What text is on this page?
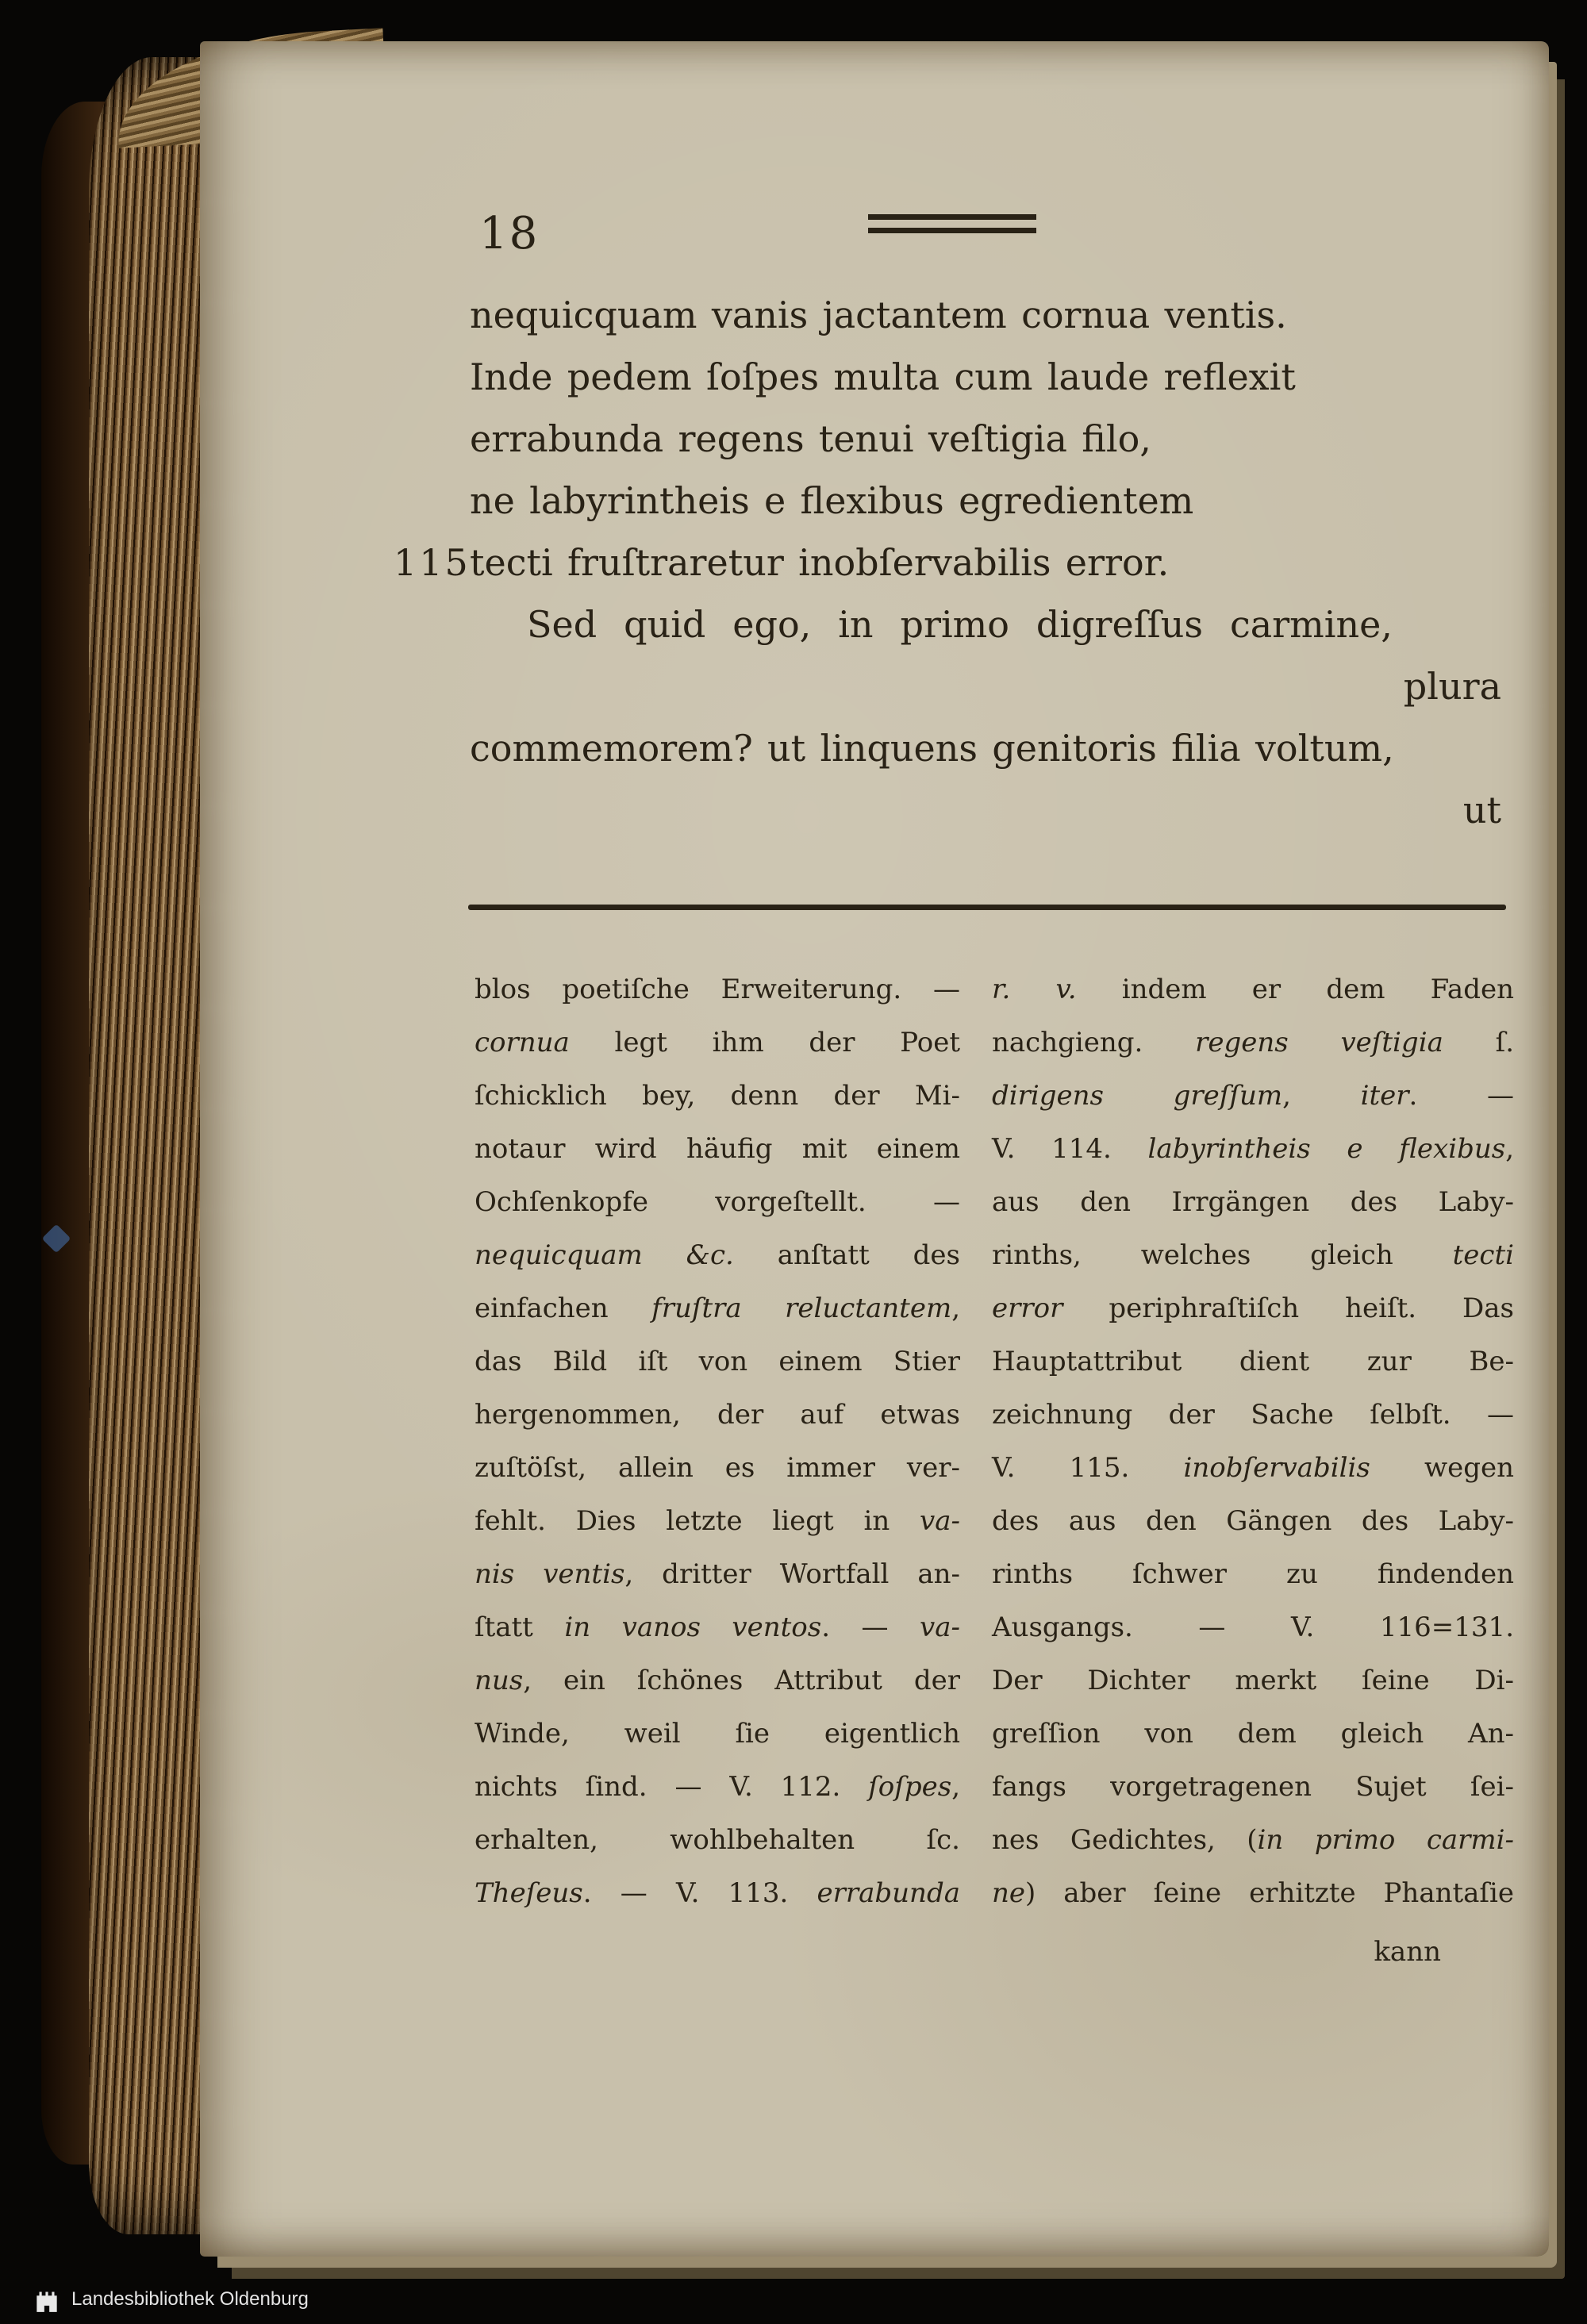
18
nequicquam vanis jactantem cornua ventis.
Inde pedem ſoſpes multa cum laude reflexit
errabunda regens tenui veſtigia filo,
ne labyrintheis e flexibus egredientem
115 tecti fruſtraretur inobſervabilis error.
Sed quid ego, in primo digreſſus carmine,
plura
commemorem? ut linquens genitoris filia voltum,
ut
blos poetiſche Erweiterung. —
cornua legt ihm der Poet
ſchicklich bey, denn der Mi-
notaur wird häufig mit einem
Ochſenkopfe vorgeſtellt. —
nequicquam &c. anſtatt des
einfachen fruſtra reluctantem,
das Bild iſt von einem Stier
hergenommen, der auf etwas
zuſtöſst, allein es immer ver-
fehlt. Dies letzte liegt in va-
nis ventis, dritter Wortfall an-
ſtatt in vanos ventos. — va-
nus, ein ſchönes Attribut der
Winde, weil ſie eigentlich
nichts ſind. — V. 112. ſoſpes,
erhalten, wohlbehalten ſc.
Theſeus. — V. 113. errabunda
r. v. indem er dem Faden
nachgieng. regens veſtigia ſ.
dirigens greſſum, iter. —
V. 114. labyrintheis e flexibus,
aus den Irrgängen des Laby-
rinths, welches gleich tecti
error periphraſtiſch heiſt. Das
Hauptattribut dient zur Be-
zeichnung der Sache ſelbſt. —
V. 115. inobſervabilis wegen
des aus den Gängen des Laby-
rinths ſchwer zu findenden
Ausgangs. — V. 116=131.
Der Dichter merkt ſeine Di-
greſſion von dem gleich An-
fangs vorgetragenen Sujet ſei-
nes Gedichtes, (in primo carmi-
ne) aber ſeine erhitzte Phantaſie
kann
Landesbibliothek Oldenburg
